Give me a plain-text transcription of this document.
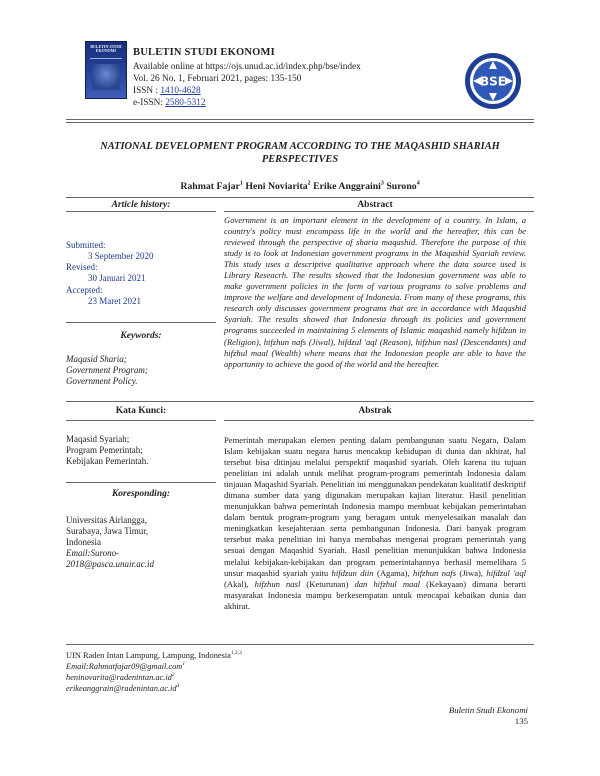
BULETIN STUDI EKONOMI	BULETIN STUDI EKONOMI
Available online at https://ojs.unud.ac.id/index.php/bse/index
Vol. 26 No. 1, Februari 2021, pages: 135-150
ISSN : 1410-4628
e-ISSN: 2580-5312
BSE
NATIONAL DEVELOPMENT PROGRAM ACCORDING TO THE MAQASHID SHARIAH PERSPECTIVES
Rahmat Fajar$^1$ Heni Noviarita$^2$ Erike Anggraini$^3$ Surono$^4$
Article history:	Abstract
Submitted:
3 September 2020
Revised:
30 Januari 2021
Accepted:
23 Maret 2021
Keywords:
Maqasid Sharia;
Government Program;
Government Policy.
Government is an important element in the development of a country. In Islam, a country's policy must encompass life in the world and the hereafter, this can be reviewed through the perspective of sharia maqashid. Therefore the purpose of this study is to look at Indonesian government programs in the Maqashid Syariah review. This study uses a descriptive qualitative approach where the data source used is Library Reseacrh. The results showed that the Indonesian government was able to make government policies in the form of various programs to solve problems and improve the welfare and development of Indonesia. From many of these programs, this research only discusses government programs that are in accordance with Maqashid Syariah. The results showed that Indonesia through its policies and government programs succeeded in maintaining 5 elements of Islamic maqashid namely hifdzun in (Religion), hifzhun nafs (Jiwal), hifdzul 'aql (Reason), hifzhun nasl (Descendants) and hifzhul maal (Wealth) where means that the Indonesian people are able to have the opportunity to achieve the good of the world and the hereafter.
Kata Kunci:	Abstrak
Maqasid Syariah;
Program Pemerintah;
Kebijakan Pemerintah.
Koresponding:
Universitas Airlangga,
Surabaya, Jawa Timur,
Indonesia
Email:Surono-
2018@pasca.unair.ac.id
Pemerintah merupakan elemen penting dalam pembangunan suatu Negara, Dalam Islam kebijakan suatu negara harus mencakup kehidupan di dunia dan akhirat, hal tersebut bisa ditinjau melalui perspektif maqashid syariah. Oleh karena itu tujuan penelitian ini adalah untuk melihat program-program pemerintah Indonesia dalam tinjauan Maqashid Syariah. Penelitian ini menggunakan pendekatan kualitatif deskriptif dimana sumber data yang digunakan merupakan kajian literatur. Hasil penelitian menunjukkan bahwa pemerintah Indonesia mampu membuat kebijakan pemerintahan dalam bentuk program-program yang beragam untuk menyelesaikan masalah dan meningkatkan kesejahteraan serta pembangunan Indonesia. Dari banyak program tersebut maka penelitian ini hanya membahas mengenai program pemerintah yang sesuai dengan Maqashid Syariah. Hasil penelitian menunjukkan bahwa Indonesia melalui kebijakan-kebijakan dan program pemerintahannya berhasil memelihara 5 unsur maqashid syariah yaitu hifdzun diin (Agama), hifzhun nafs (Jiwa), hifdzul 'aql (Akal), hifzhun nasl (Keturunan) dan hifzhul maal (Kekayaan) dimana berarti masyarakat Indonesia mampu berkesempatan untuk mencapai kebaikan dunia dan akhirat.
UIN Raden Intan Lampung, Lampung, Indonesia$^{1,2,3}$
Email:Rahmatfajar09@gmail.com$^1$
$heninovarita@radenintan.ac.id^2$
$erikeanggrain@radenintan.ac.id^3$
Buletin Studi Ekonomi
135
